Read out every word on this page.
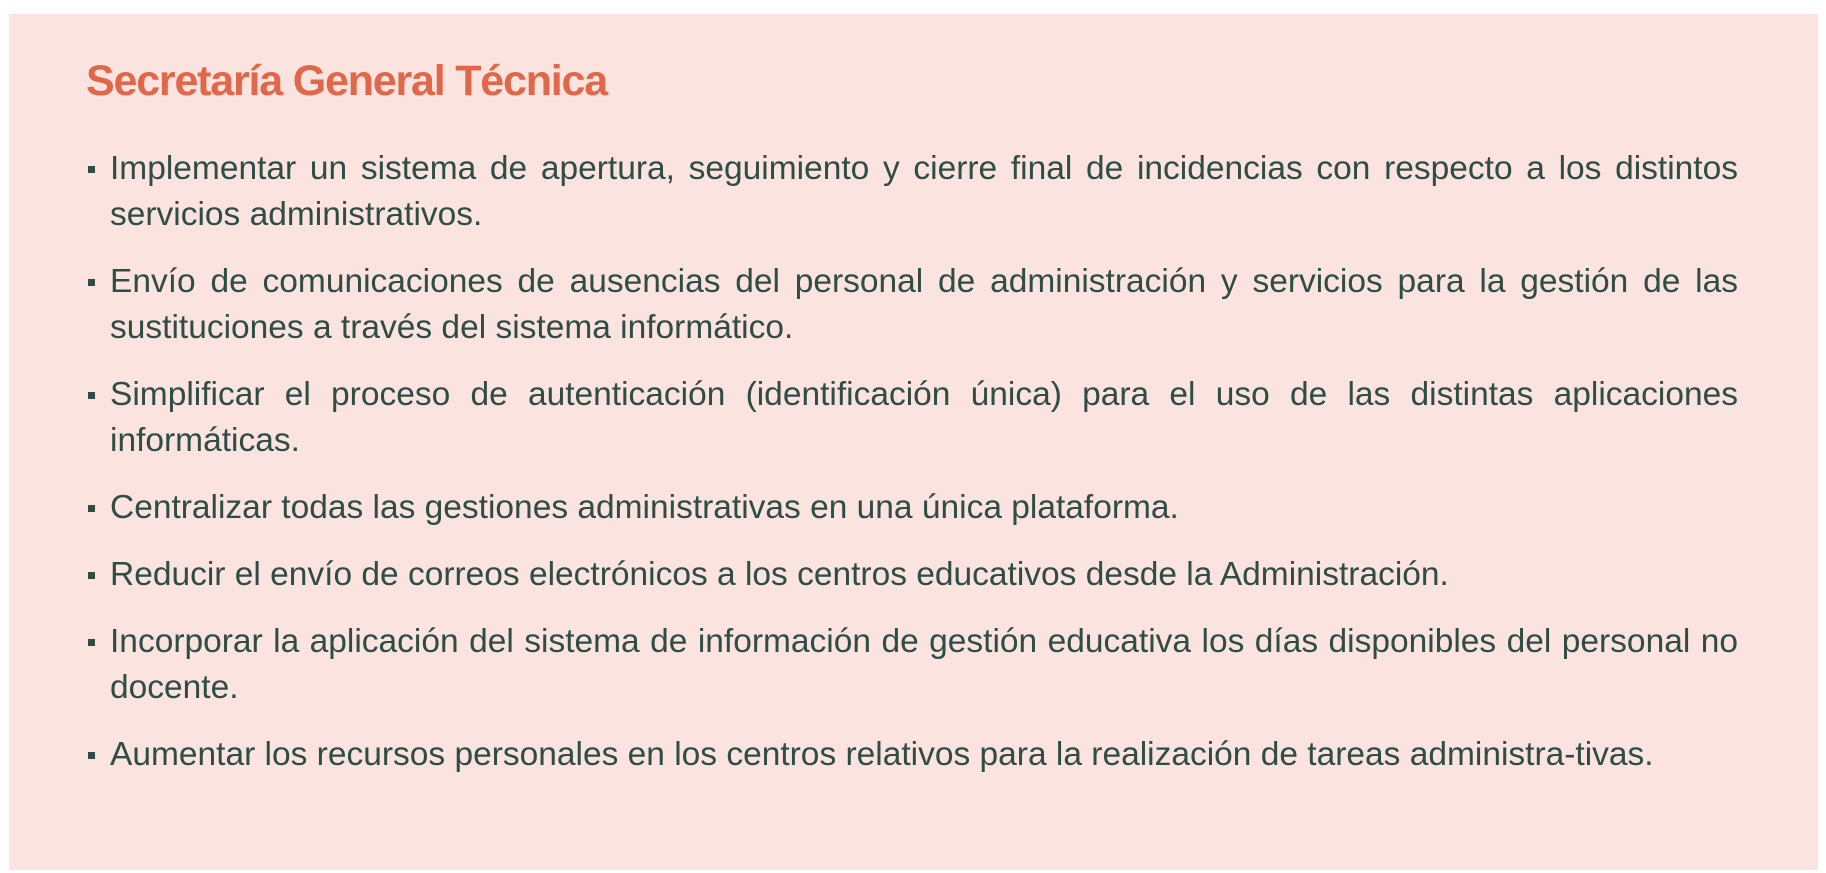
Secretaría General Técnica
Implementar un sistema de apertura, seguimiento y cierre final de incidencias con respecto a los distintos servicios administrativos.
Envío de comunicaciones de ausencias del personal de administración y servicios para la gestión de las sustituciones a través del sistema informático.
Simplificar el proceso de autenticación (identificación única) para el uso de las distintas aplicaciones informáticas.
Centralizar todas las gestiones administrativas en una única plataforma.
Reducir el envío de correos electrónicos a los centros educativos desde la Administración.
Incorporar la aplicación del sistema de información de gestión educativa los días disponibles del personal no docente.
Aumentar los recursos personales en los centros relativos para la realización de tareas administra-tivas.
